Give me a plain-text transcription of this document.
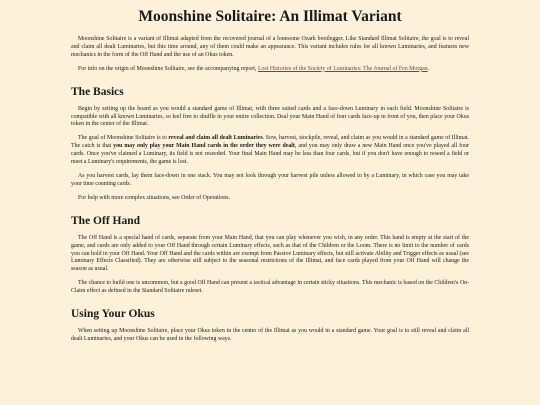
Moonshine Solitaire: An Illimat Variant

Moonshine Solitaire is a variant of Illimat adapted from the recovered journal of a lonesome Ozark bootlegger. Like Standard Illimat Solitaire, the goal is to reveal and claim all dealt Luminaries, but this time around, any of them could make an appearance. This variant includes rules for all known Luminaries, and features new mechanics in the form of the Off Hand and the use of an Okus token.

For info on the origin of Moonshine Solitaire, see the accompanying report, Lost Histories of the Society of Luminaries: The Journal of Fen Morgan.

The Basics

Begin by setting up the board as you would a standard game of Illimat, with three suited cards and a face-down Luminary in each field. Moonshine Solitaire is compatible with all known Luminaries, so feel free to shuffle in your entire collection. Deal your Main Hand of four cards face-up in front of you, then place your Okus token in the center of the Illimat.

The goal of Moonshine Solitaire is to reveal and claim all dealt Luminaries. Sow, harvest, stockpile, reveal, and claim as you would in a standard game of Illimat. The catch is that you may only play your Main Hand cards in the order they were dealt, and you may only draw a new Main Hand once you've played all four cards. Once you've claimed a Luminary, its field is not reseeded. Your final Main Hand may be less than four cards, but if you don't have enough to reseed a field or meet a Luminary's requirements, the game is lost.

As you harvest cards, lay them face-down in one stack. You may not look through your harvest pile unless allowed to by a Luminary, in which case you may take your time counting cards.

For help with more complex situations, see Order of Operations.

The Off Hand

The Off Hand is a special hand of cards, separate from your Main Hand, that you can play whenever you wish, in any order. This hand is empty at the start of the game, and cards are only added to your Off Hand through certain Luminary effects, such as that of the Children or the Loom. There is no limit to the number of cards you can hold in your Off Hand. Your Off Hand and the cards within are exempt from Passive Luminary effects, but still activate Ability and Trigger effects as usual (see Luminary Effects Classified). They are otherwise still subject to the seasonal restrictions of the Illimat, and face cards played from your Off Hand will change the season as usual.

The chance to build one is uncommon, but a good Off Hand can present a tactical advantage in certain sticky situations. This mechanic is based on the Children's On-Claim effect as defined in the Standard Solitaire ruleset.

Using Your Okus

When setting up Moonshine Solitaire, place your Okus token in the center of the Illimat as you would in a standard game. Your goal is to still reveal and claim all dealt Luminaries, and your Okus can be used in the following ways.
